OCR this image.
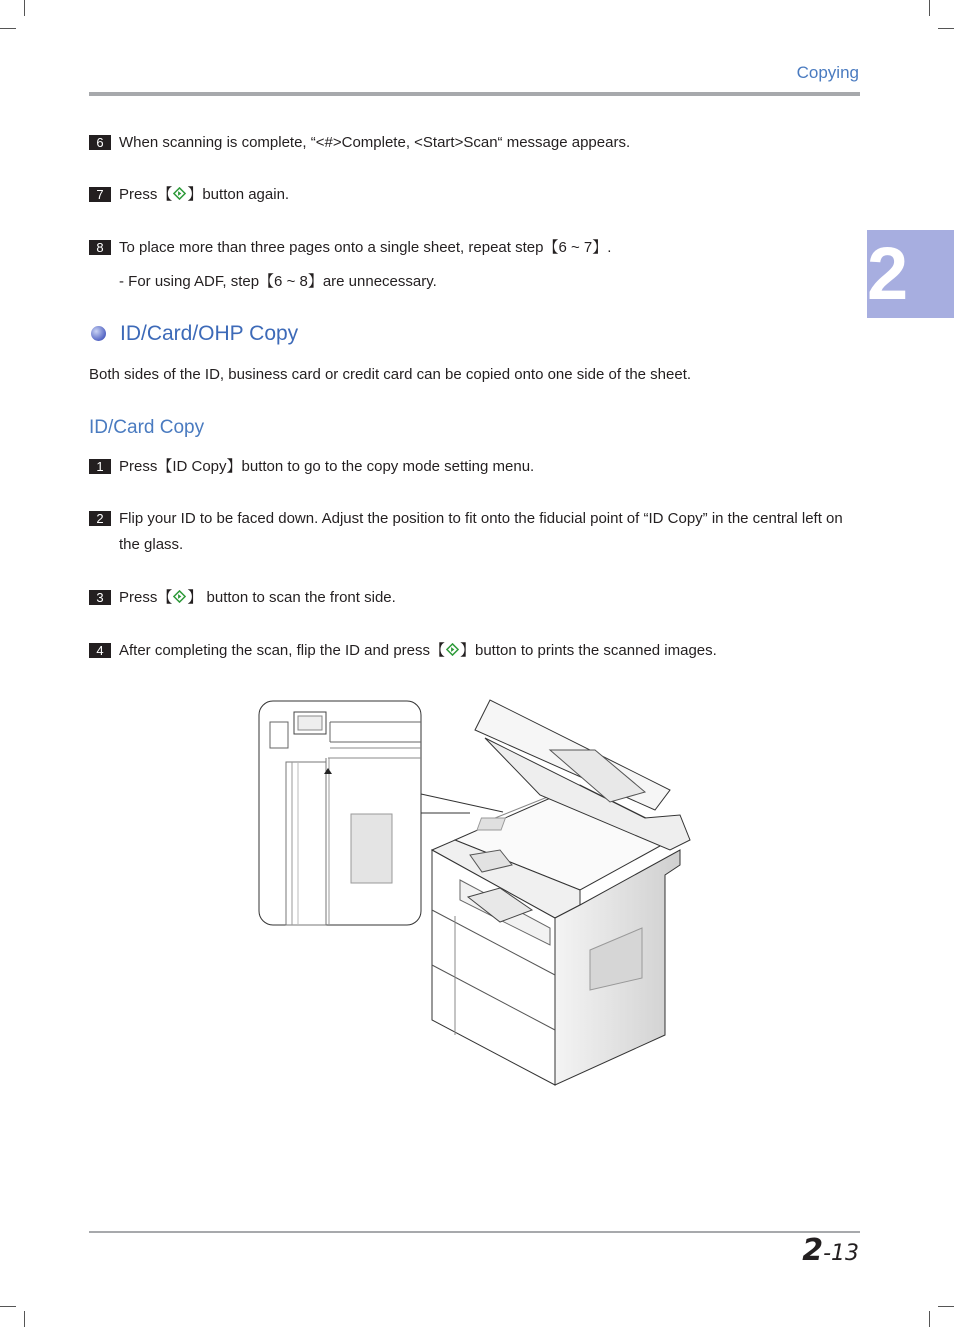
Copying
2
6	When scanning is complete, “<#>Complete, <Start>Scan“ message appears.
7	Press【 】button again.
8	To place more than three pages onto a single sheet, repeat step【6 ~ 7】.
- For using ADF, step【6 ~ 8】are unnecessary.
ID/Card/OHP Copy
Both sides of the ID, business card or credit card can be copied onto one side of the sheet.
ID/Card Copy
1	Press【ID Copy】button to go to the copy mode setting menu.
2	Flip your ID to be faced down. Adjust the position to fit onto the fiducial point of “ID Copy” in the central left on the glass.
3	Press【 】 button to scan the front side.
4	After completing the scan, flip the ID and press【 】button to prints the scanned images.
2-13
